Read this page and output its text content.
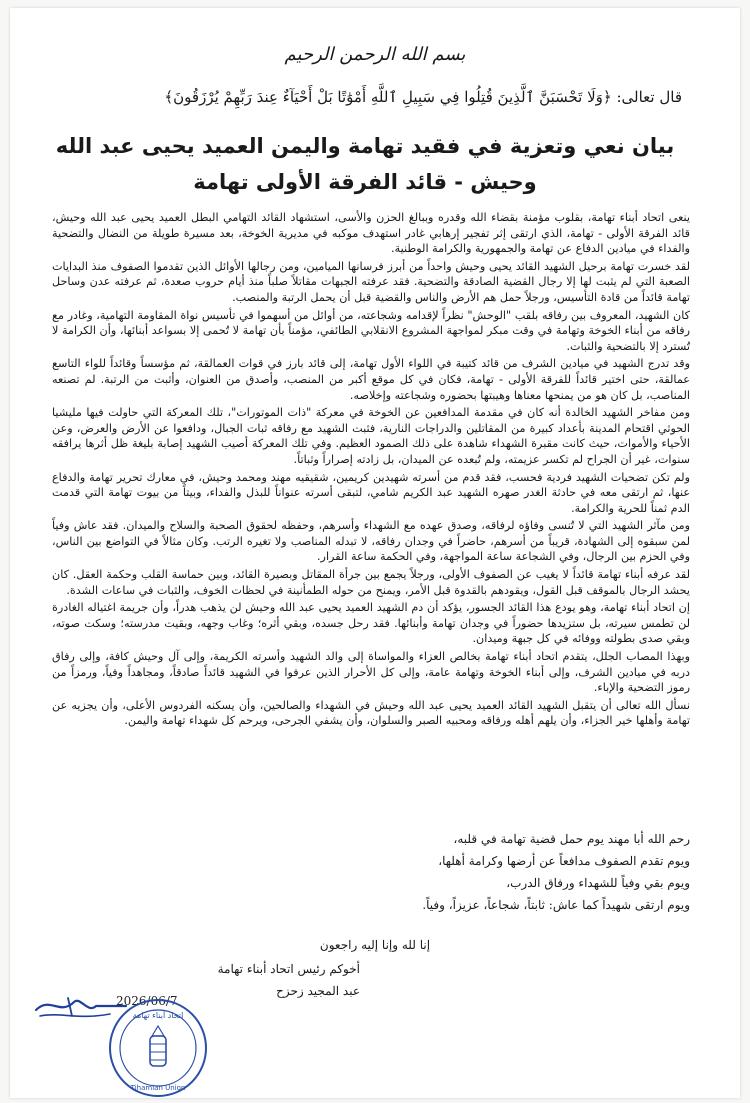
بسم الله الرحمن الرحيم
قال تعالى: ﴿وَلَا تَحْسَبَنَّ ٱلَّذِينَ قُتِلُوا فِي سَبِيلِ ٱللَّهِ أَمْوَٰتًا بَلْ أَحْيَآءٌ عِندَ رَبِّهِمْ يُرْزَقُونَ﴾
بيان نعي وتعزية في فقيد تهامة واليمن العميد يحيى عبد الله وحيش - قائد الفرقة الأولى تهامة

ينعى اتحاد أبناء تهامة، بقلوب مؤمنة بقضاء الله وقدره وببالغ الحزن والأسى، استشهاد القائد التهامي البطل العميد يحيى عبد الله وحيش، قائد الفرقة الأولى - تهامة، الذي ارتقى إثر تفجير إرهابي غادر استهدف موكبه في مديرية الخوخة، بعد مسيرة طويلة من النضال والتضحية والفداء في ميادين الدفاع عن تهامة والجمهورية والكرامة الوطنية.

لقد خسرت تهامة برحيل الشهيد القائد يحيى وحيش واحداً من أبرز فرسانها الميامين، ومن رجالها الأوائل الذين تقدموا الصفوف منذ البدايات الصعبة التي لم يثبت لها إلا رجال القضية الصادقة والتضحية. فقد عرفته الجبهات مقاتلاً صلباً منذ أيام حروب صعدة، ثم عرفته عدن وساحل تهامة قائداً من قادة التأسيس، ورجلاً حمل هم الأرض والناس والقضية قبل أن يحمل الرتبة والمنصب.

كان الشهيد، المعروف بين رفاقه بلقب "الوحش" نظراً لإقدامه وشجاعته، من أوائل من أسهموا في تأسيس نواة المقاومة التهامية، وغادر مع رفاقه من أبناء الخوخة وتهامة في وقت مبكر لمواجهة المشروع الانقلابي الطائفي، مؤمناً بأن تهامة لا تُحمى إلا بسواعد أبنائها، وأن الكرامة لا تُسترد إلا بالتضحية والثبات.

وقد تدرج الشهيد في ميادين الشرف من قائد كتيبة في اللواء الأول تهامة، إلى قائد بارز في قوات العمالقة، ثم مؤسساً وقائداً للواء التاسع عمالقة، حتى اختير قائداً للفرقة الأولى - تهامة، فكان في كل موقع أكبر من المنصب، وأصدق من العنوان، وأثبت من الرتبة. لم تصنعه المناصب، بل كان هو من يمنحها معناها وهيبتها بحضوره وشجاعته وإخلاصه.

ومن مفاخر الشهيد الخالدة أنه كان في مقدمة المدافعين عن الخوخة في معركة "ذات الموتورات"، تلك المعركة التي حاولت فيها مليشيا الحوثي اقتحام المدينة بأعداد كبيرة من المقاتلين والدراجات النارية، فثبت الشهيد مع رفاقه ثبات الجبال، ودافعوا عن الأرض والعرض، وعن الأحياء والأموات، حيث كانت مقبرة الشهداء شاهدة على ذلك الصمود العظيم. وفي تلك المعركة أصيب الشهيد إصابة بليغة ظل أثرها يرافقه سنوات، غير أن الجراح لم تكسر عزيمته، ولم تُبعده عن الميدان، بل زادته إصراراً وثباتاً.

ولم تكن تضحيات الشهيد فردية فحسب، فقد قدم من أسرته شهيدين كريمين، شقيقيه مهند ومحمد وحيش، في معارك تحرير تهامة والدفاع عنها، ثم ارتقى معه في حادثة الغدر صهره الشهيد عبد الكريم شامي، لتبقى أسرته عنواناً للبذل والفداء، وبيتاً من بيوت تهامة التي قدمت الدم ثمناً للحرية والكرامة.

ومن مآثر الشهيد التي لا تُنسى وفاؤه لرفاقه، وصدق عهده مع الشهداء وأسرهم، وحفظه لحقوق الصحبة والسلاح والميدان. فقد عاش وفياً لمن سبقوه إلى الشهادة، قريباً من أسرهم، حاضراً في وجدان رفاقه، لا تبدله المناصب ولا تغيره الرتب. وكان مثالاً في التواضع بين الناس، وفي الحزم بين الرجال، وفي الشجاعة ساعة المواجهة، وفي الحكمة ساعة القرار.

لقد عرفه أبناء تهامة قائداً لا يغيب عن الصفوف الأولى، ورجلاً يجمع بين جرأة المقاتل وبصيرة القائد، وبين حماسة القلب وحكمة العقل. كان يحشد الرجال بالموقف قبل القول، ويقودهم بالقدوة قبل الأمر، ويمنح من حوله الطمأنينة في لحظات الخوف، والثبات في ساعات الشدة.

إن اتحاد أبناء تهامة، وهو يودع هذا القائد الجسور، يؤكد أن دم الشهيد العميد يحيى عبد الله وحيش لن يذهب هدراً، وأن جريمة اغتياله الغادرة لن تطمس سيرته، بل ستزيدها حضوراً في وجدان تهامة وأبنائها. فقد رحل جسده، وبقي أثره؛ وغاب وجهه، وبقيت مدرسته؛ وسكت صوته، وبقي صدى بطولته ووفائه في كل جبهة وميدان.

وبهذا المصاب الجلل، يتقدم اتحاد أبناء تهامة بخالص العزاء والمواساة إلى والد الشهيد وأسرته الكريمة، وإلى آل وحيش كافة، وإلى رفاق دربه في ميادين الشرف، وإلى أبناء الخوخة وتهامة عامة، وإلى كل الأحرار الذين عرفوا في الشهيد قائداً صادقاً، ومجاهداً وفياً، ورمزاً من رموز التضحية والإباء.

نسأل الله تعالى أن يتقبل الشهيد القائد العميد يحيى عبد الله وحيش في الشهداء والصالحين، وأن يسكنه الفردوس الأعلى، وأن يجزيه عن تهامة وأهلها خير الجزاء، وأن يلهم أهله ورفاقه ومحبيه الصبر والسلوان، وأن يشفي الجرحى، ويرحم كل شهداء تهامة واليمن.

رحم الله أبا مهند يوم حمل قضية تهامة في قلبه،
ويوم تقدم الصفوف مدافعاً عن أرضها وكرامة أهلها،
ويوم بقي وفياً للشهداء ورفاق الدرب،
ويوم ارتقى شهيداً كما عاش: ثابتاً، شجاعاً، عزيزاً، وفياً.
إنا لله وإنا إليه راجعون
أخوكم رئيس اتحاد أبناء تهامة
عبد المجيد زحزح
2026/06/7
اتحاد أبناء تهامة
Tihamian Union
